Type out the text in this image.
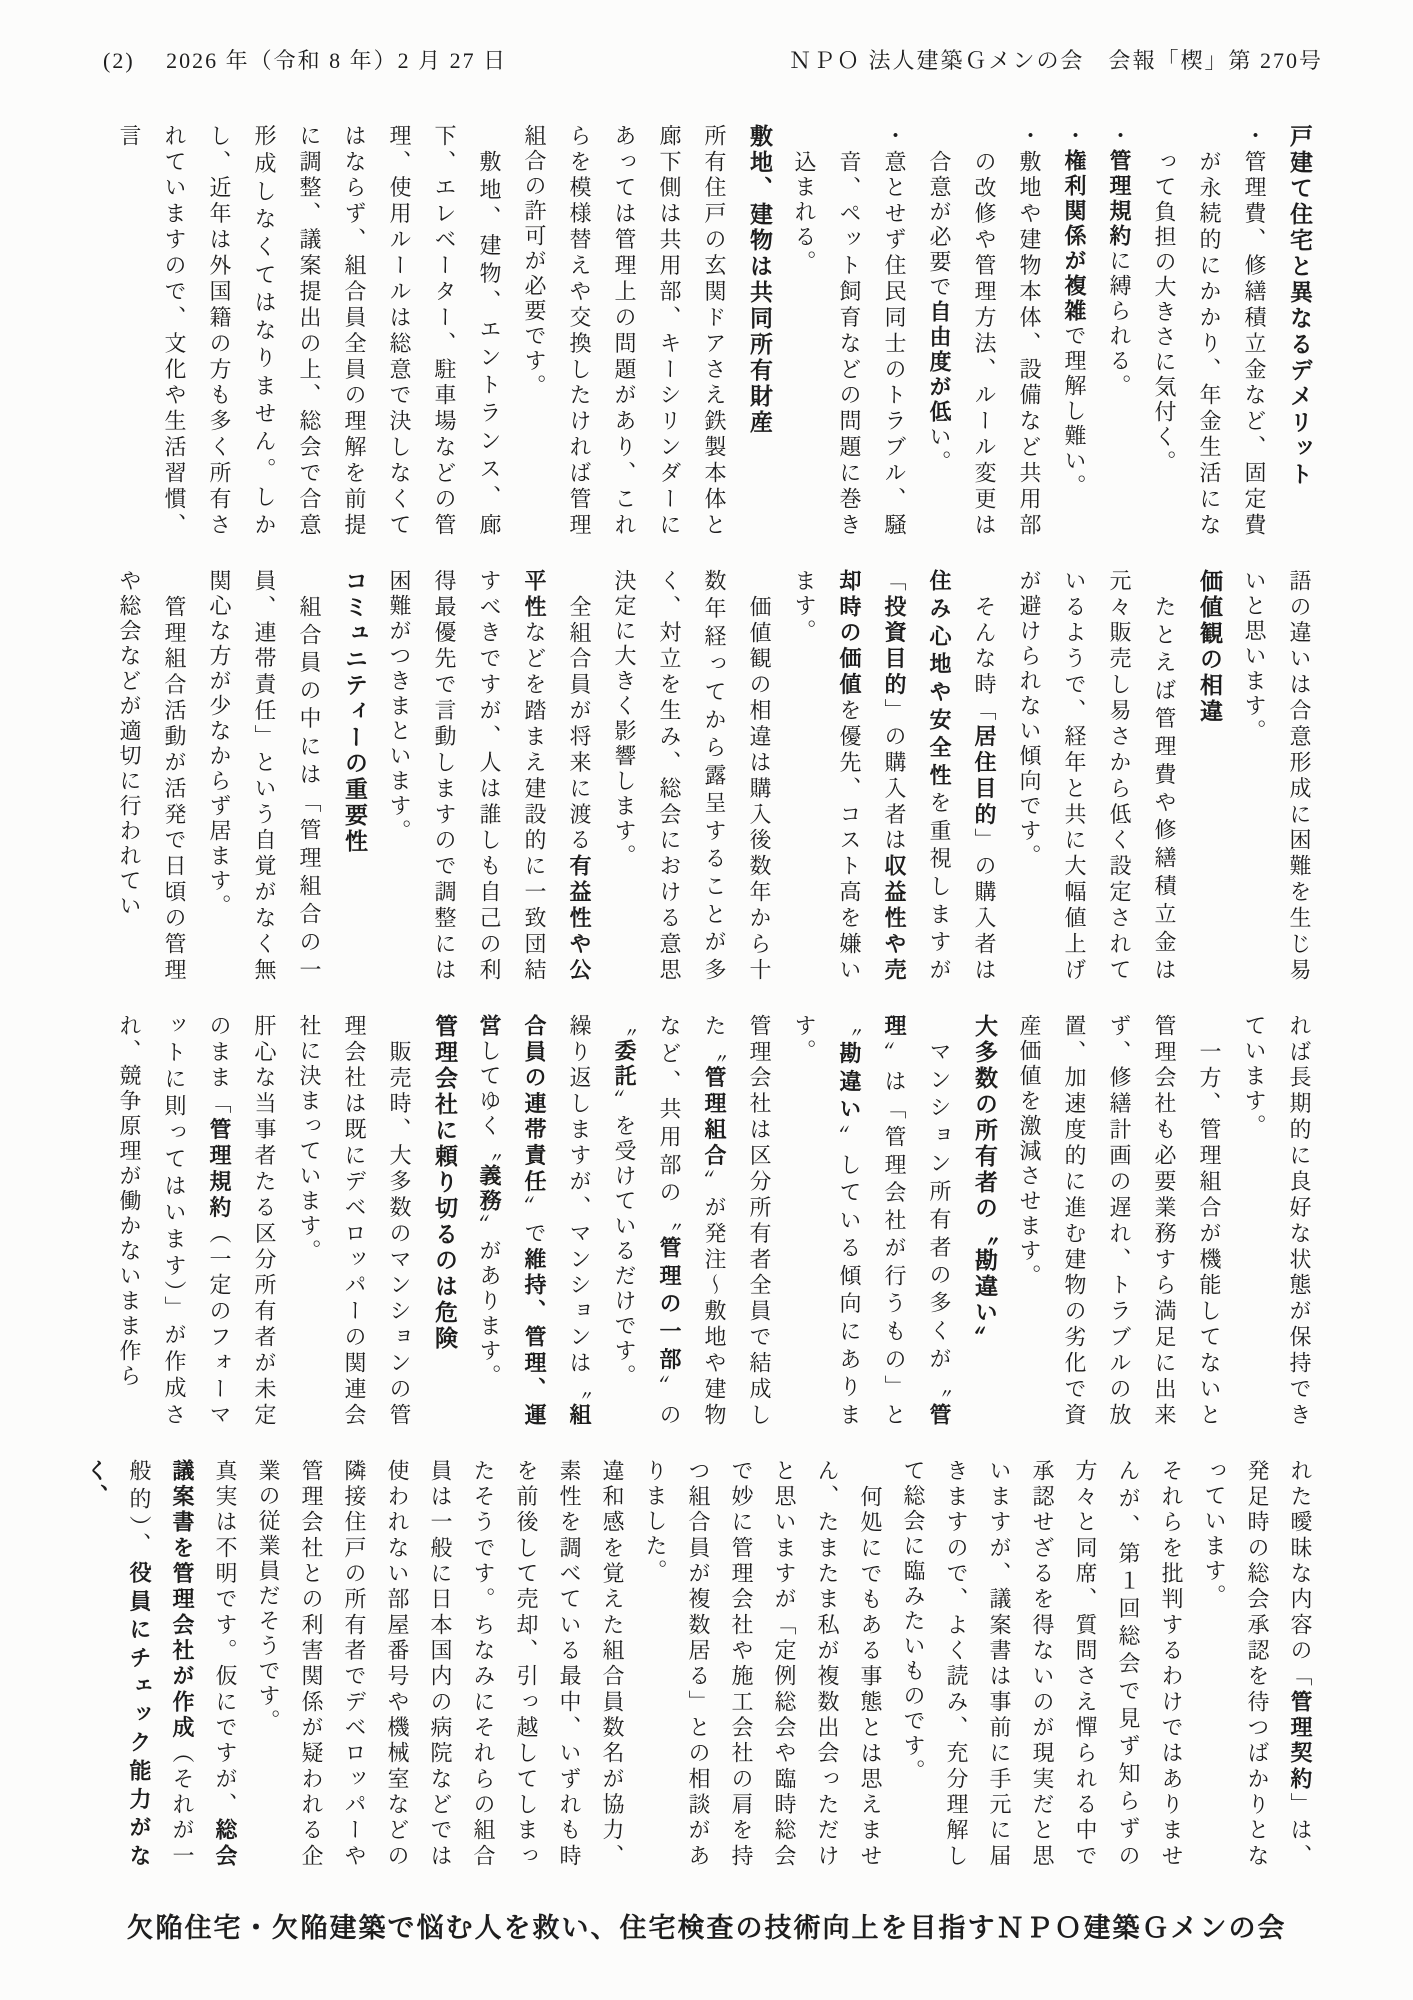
(2)　 2026 年（令和 8 年）2 月 27 日	ＮＰＯ 法人建築Ｇメンの会　会報「楔」第 270号
戸建て住宅と異なるデメリット

・管理費、修繕積立金など、固定費が永続的にかかり、年金生活になって負担の大きさに気付く。

・管理規約に縛られる。

・権利関係が複雑で理解し難い。

・敷地や建物本体、設備など共用部の改修や管理方法、ルール変更は合意が必要で自由度が低い。

・意とせず住民同士のトラブル、騒音、ペット飼育などの問題に巻き込まれる。

敷地、建物は共同所有財産

所有住戸の玄関ドアさえ鉄製本体と廊下側は共用部、キーシリンダーにあっては管理上の問題があり、これらを模様替えや交換したければ管理組合の許可が必要です。

敷地、建物、エントランス、廊下、エレベーター、駐車場などの管理、使用ルールは総意で決しなくてはならず、組合員全員の理解を前提に調整、議案提出の上、総会で合意形成しなくてはなりません。しかし、近年は外国籍の方も多く所有されていますので、文化や生活習慣、言

語の違いは合意形成に困難を生じ易いと思います。

価値観の相違

たとえば管理費や修繕積立金は元々販売し易さから低く設定されているようで、経年と共に大幅値上げが避けられない傾向です。

そんな時「居住目的」の購入者は住み心地や安全性を重視しますが「投資目的」の購入者は収益性や売却時の価値を優先、コスト高を嫌います。

価値観の相違は購入後数年から十数年経ってから露呈することが多く、対立を生み、総会における意思決定に大きく影響します。

全組合員が将来に渡る有益性や公平性などを踏まえ建設的に一致団結すべきですが、人は誰しも自己の利得最優先で言動しますので調整には困難がつきまといます。

コミュニティーの重要性

組合員の中には「管理組合の一員、連帯責任」という自覚がなく無関心な方が少なからず居ます。

管理組合活動が活発で日頃の管理や総会などが適切に行われてい

れば長期的に良好な状態が保持できています。

一方、管理組合が機能してないと管理会社も必要業務すら満足に出来ず、修繕計画の遅れ、トラブルの放置、加速度的に進む建物の劣化で資産価値を激減させます。

大多数の所有者の〝勘違い〟

マンション所有者の多くが〝管理〟は「管理会社が行うもの」と〝勘違い〟している傾向にあります。

管理会社は区分所有者全員で結成した〝管理組合〟が発注～敷地や建物など、共用部の〝管理の一部〟の〝委託〟を受けているだけです。

繰り返しますが、マンションは〝組合員の連帯責任〟で維持、管理、運営してゆく〝義務〟があります。

管理会社に頼り切るのは危険

販売時、大多数のマンションの管理会社は既にデベロッパーの関連会社に決まっています。

肝心な当事者たる区分所有者が未定のまま「管理規約（一定のフォーマットに則ってはいます）」が作成され、競争原理が働かないまま作ら

れた曖昧な内容の「管理契約」は、発足時の総会承認を待つばかりとなっています。

それらを批判するわけではありませんが、第１回総会で見ず知らずの方々と同席、質問さえ憚られる中で承認せざるを得ないのが現実だと思いますが、議案書は事前に手元に届きますので、よく読み、充分理解して総会に臨みたいものです。

何処にでもある事態とは思えません、たまたま私が複数出会っただけと思いますが「定例総会や臨時総会で妙に管理会社や施工会社の肩を持つ組合員が複数居る」との相談がありました。

違和感を覚えた組合員数名が協力、素性を調べている最中、いずれも時を前後して売却、引っ越してしまったそうです。ちなみにそれらの組合員は一般に日本国内の病院などでは使われない部屋番号や機械室などの隣接住戸の所有者でデベロッパーや管理会社との利害関係が疑われる企業の従業員だそうです。

真実は不明です。仮にですが、総会議案書を管理会社が作成（それが一般的）、役員にチェック能力がなく、

欠陥住宅・欠陥建築で悩む人を救い、住宅検査の技術向上を目指すＮＰＯ建築Ｇメンの会
